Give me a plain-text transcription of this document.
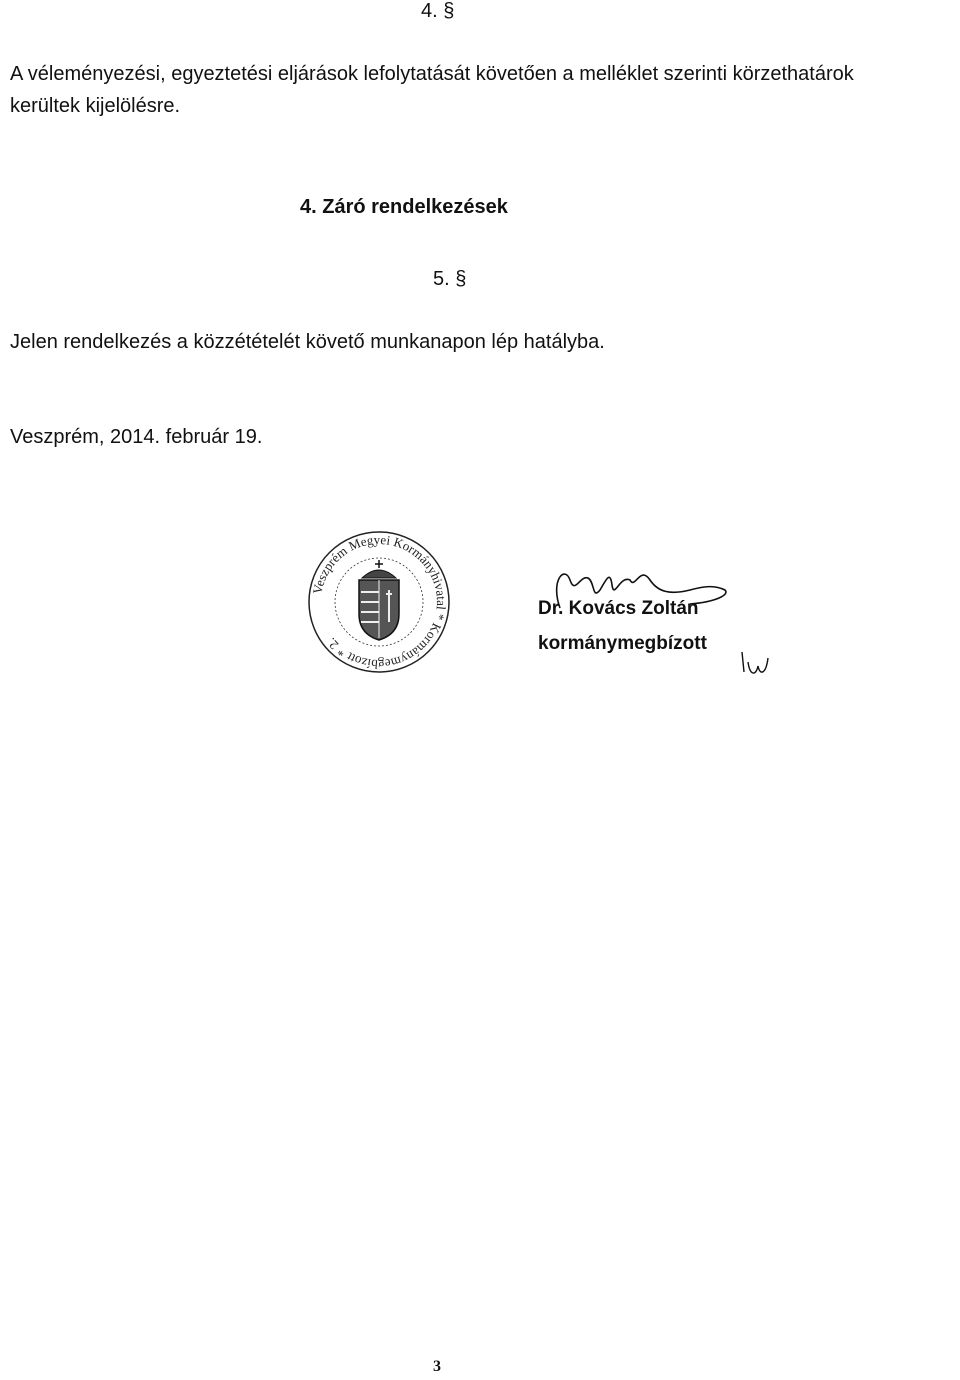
4. §
A véleményezési, egyeztetési eljárások lefolytatását követően a melléklet szerinti körzethatárok kerültek kijelölésre.
4. Záró rendelkezések
5. §
Jelen rendelkezés a közzétételét követő munkanapon lép hatályba.
Veszprém, 2014. február 19.
Veszprém Megyei Kormányhivatal * Kormánymegbízott * 2.
Dr. Kovács Zoltán
kormánymegbízott
3
